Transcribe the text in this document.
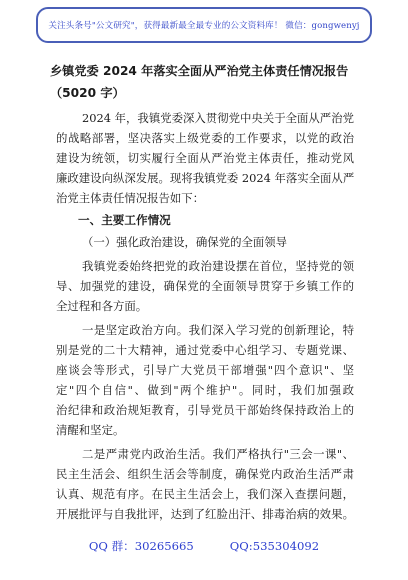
关注头条号"公文研究"，获得最新最全最专业的公文资料库！ 微信：gongwenyj
乡镇党委 2024 年落实全面从严治党主体责任情况报告
（5020 字）
2024 年，我镇党委深入贯彻党中央关于全面从严治党
的战略部署，坚决落实上级党委的工作要求，以党的政治
建设为统领，切实履行全面从严治党主体责任，推动党风
廉政建设向纵深发展。现将我镇党委 2024 年落实全面从严
治党主体责任情况报告如下：
一、主要工作情况
（一）强化政治建设，确保党的全面领导
我镇党委始终把党的政治建设摆在首位，坚持党的领
导、加强党的建设，确保党的全面领导贯穿于乡镇工作的
全过程和各方面。
一是坚定政治方向。我们深入学习党的创新理论，特
别是党的二十大精神，通过党委中心组学习、专题党课、
座谈会等形式，引导广大党员干部增强"四个意识"、坚
定"四个自信"、做到"两个维护"。同时，我们加强政
治纪律和政治规矩教育，引导党员干部始终保持政治上的
清醒和坚定。
二是严肃党内政治生活。我们严格执行"三会一课"、
民主生活会、组织生活会等制度，确保党内政治生活严肃
认真、规范有序。在民主生活会上，我们深入查摆问题，
开展批评与自我批评，达到了红脸出汗、排毒治病的效果。
QQ 群：30265665	QQ:535304092
